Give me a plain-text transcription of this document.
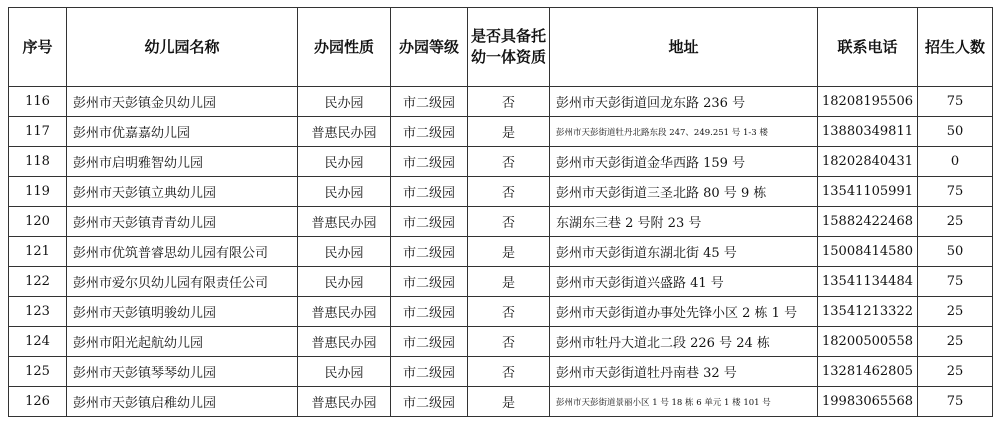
序号	幼儿园名称	办园性质	办园等级	是否具备托幼一体资质	地址	联系电话	招生人数
116	彭州市天彭镇金贝幼儿园	民办园	市二级园	否	彭州市天彭街道回龙东路 236 号	18208195506	75
117	彭州市优嘉嘉幼儿园	普惠民办园	市二级园	是	彭州市天彭街道牡丹北路东段 247、249.251 号 1-3 楼	13880349811	50
118	彭州市启明雅智幼儿园	民办园	市二级园	否	彭州市天彭街道金华西路 159 号	18202840431	0
119	彭州市天彭镇立典幼儿园	民办园	市二级园	否	彭州市天彭街道三圣北路 80 号 9 栋	13541105991	75
120	彭州市天彭镇青青幼儿园	普惠民办园	市二级园	否	东湖东三巷 2 号附 23 号	15882422468	25
121	彭州市优筑普睿思幼儿园有限公司	民办园	市二级园	是	彭州市天彭街道东湖北街 45 号	15008414580	50
122	彭州市爱尔贝幼儿园有限责任公司	民办园	市二级园	是	彭州市天彭街道兴盛路 41 号	13541134484	75
123	彭州市天彭镇明骏幼儿园	普惠民办园	市二级园	否	彭州市天彭街道办事处先锋小区 2 栋 1 号	13541213322	25
124	彭州市阳光起航幼儿园	普惠民办园	市二级园	否	彭州市牡丹大道北二段 226 号 24 栋	18200500558	25
125	彭州市天彭镇琴琴幼儿园	民办园	市二级园	否	彭州市天彭街道牡丹南巷 32 号	13281462805	25
126	彭州市天彭镇启稚幼儿园	普惠民办园	市二级园	是	彭州市天彭街道景丽小区 1 号 18 栋 6 单元 1 楼 101 号	19983065568	75
